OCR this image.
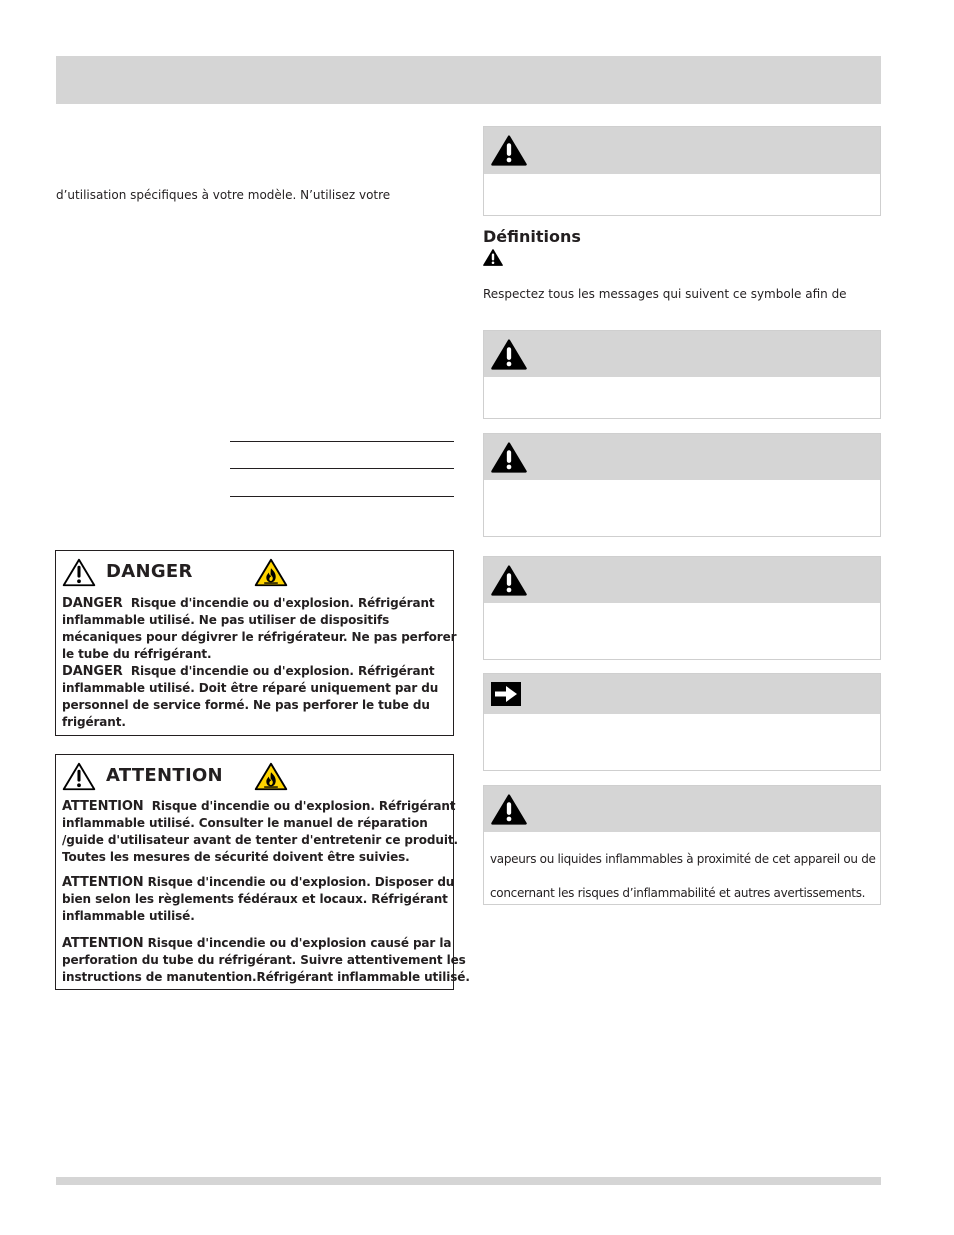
d’utilisation spécifiques à votre modèle. N’utilisez votre
DANGER
DANGER Risque d'incendie ou d'explosion. Réfrigérant
inflammable utilisé. Ne pas utiliser de dispositifs
mécaniques pour dégivrer le réfrigérateur. Ne pas perforer
le tube du réfrigérant.
DANGER Risque d'incendie ou d'explosion. Réfrigérant
inflammable utilisé. Doit être réparé uniquement par du
personnel de service formé. Ne pas perforer le tube du
frigérant.
ATTENTION
ATTENTION Risque d'incendie ou d'explosion. Réfrigérant
inflammable utilisé. Consulter le manuel de réparation
/guide d'utilisateur avant de tenter d'entretenir ce produit.
Toutes les mesures de sécurité doivent être suivies.
ATTENTION Risque d'incendie ou d'explosion. Disposer du
bien selon les règlements fédéraux et locaux. Réfrigérant
inflammable utilisé.
ATTENTION Risque d'incendie ou d'explosion causé par la
perforation du tube du réfrigérant. Suivre attentivement les
instructions de manutention.Réfrigérant inflammable utilisé.
Définitions
Respectez tous les messages qui suivent ce symbole afin de
vapeurs ou liquides inflammables à proximité de cet appareil ou de
concernant les risques d’inflammabilité et autres avertissements.
